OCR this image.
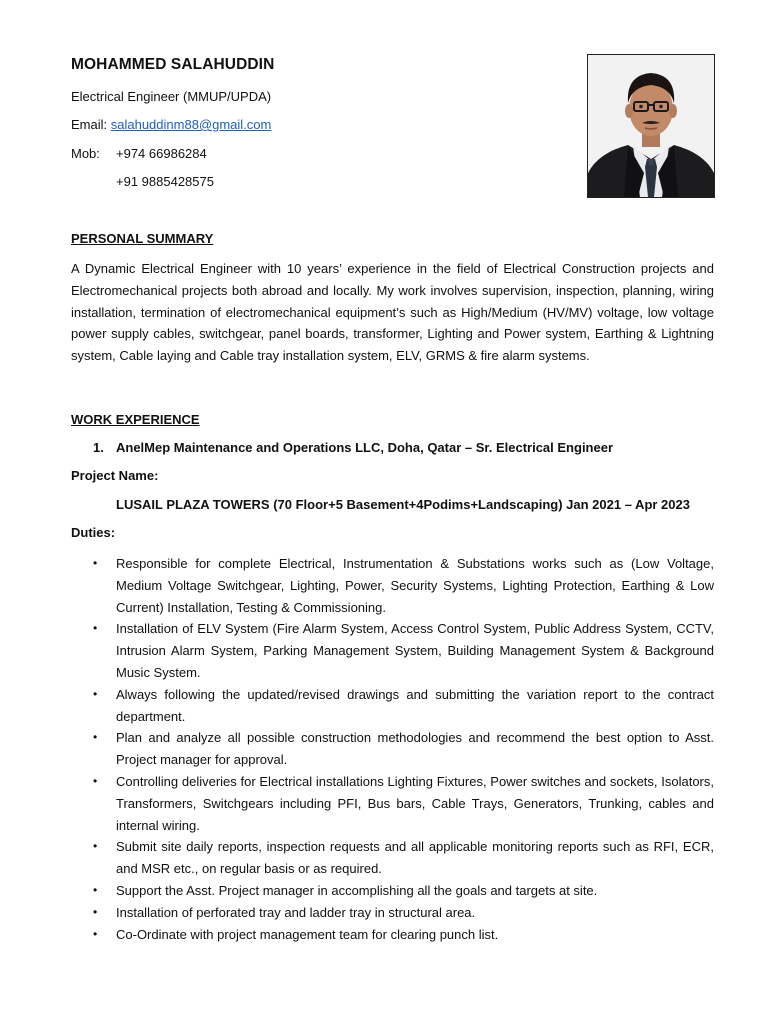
MOHAMMED SALAHUDDIN
Electrical Engineer (MMUP/UPDA)
Email: salahuddinm88@gmail.com
Mob: +974 66986284
+91 9885428575
PERSONAL SUMMARY
A Dynamic Electrical Engineer with 10 years’ experience in the field of Electrical Construction projects and Electromechanical projects both abroad and locally. My work involves supervision, inspection, planning, wiring installation, termination of electromechanical equipment’s such as High/Medium (HV/MV) voltage, low voltage power supply cables, switchgear, panel boards, transformer, Lighting and Power system, Earthing & Lightning system, Cable laying and Cable tray installation system, ELV, GRMS & fire alarm systems.
WORK EXPERIENCE
1. AnelMep Maintenance and Operations LLC, Doha, Qatar – Sr. Electrical Engineer
Project Name:
LUSAIL PLAZA TOWERS (70 Floor+5 Basement+4Podims+Landscaping) Jan 2021 – Apr 2023
Duties:
• Responsible for complete Electrical, Instrumentation & Substations works such as (Low Voltage, Medium Voltage Switchgear, Lighting, Power, Security Systems, Lighting Protection, Earthing & Low Current) Installation, Testing & Commissioning.
• Installation of ELV System (Fire Alarm System, Access Control System, Public Address System, CCTV, Intrusion Alarm System, Parking Management System, Building Management System & Background Music System.
• Always following the updated/revised drawings and submitting the variation report to the contract department.
• Plan and analyze all possible construction methodologies and recommend the best option to Asst. Project manager for approval.
• Controlling deliveries for Electrical installations Lighting Fixtures, Power switches and sockets, Isolators, Transformers, Switchgears including PFI, Bus bars, Cable Trays, Generators, Trunking, cables and internal wiring.
• Submit site daily reports, inspection requests and all applicable monitoring reports such as RFI, ECR, and MSR etc., on regular basis or as required.
• Support the Asst. Project manager in accomplishing all the goals and targets at site.
• Installation of perforated tray and ladder tray in structural area.
• Co-Ordinate with project management team for clearing punch list.
